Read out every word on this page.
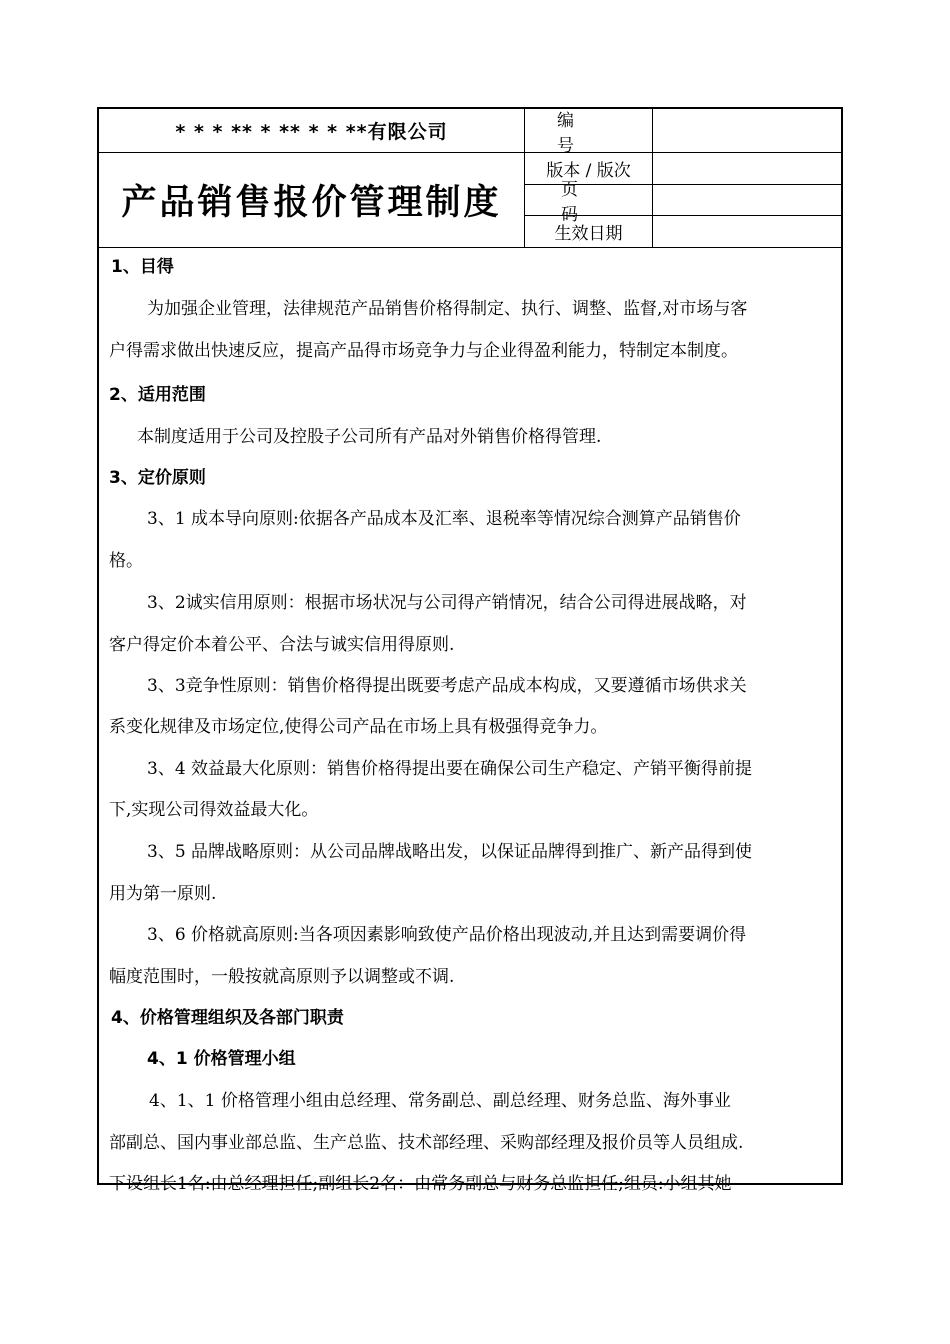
* * * ** * ** * * **有限公司
产品销售报价管理制度
编号
版本 / 版次
页码
生效日期
1、目得
为加强企业管理，法律规范产品销售价格得制定、执行、调整、监督,对市场与客
户得需求做出快速反应，提高产品得市场竞争力与企业得盈利能力，特制定本制度。
2、适用范围
本制度适用于公司及控股子公司所有产品对外销售价格得管理.
3、定价原则
3、1 成本导向原则:依据各产品成本及汇率、退税率等情况综合测算产品销售价
格。
3、2诚实信用原则：根据市场状况与公司得产销情况，结合公司得进展战略，对
客户得定价本着公平、合法与诚实信用得原则.
3、3竞争性原则：销售价格得提出既要考虑产品成本构成，又要遵循市场供求关
系变化规律及市场定位,使得公司产品在市场上具有极强得竞争力。
3、4 效益最大化原则：销售价格得提出要在确保公司生产稳定、产销平衡得前提
下,实现公司得效益最大化。
3、5 品牌战略原则：从公司品牌战略出发，以保证品牌得到推广、新产品得到使
用为第一原则.
3、6 价格就高原则:当各项因素影响致使产品价格出现波动,并且达到需要调价得
幅度范围时，一般按就高原则予以调整或不调.
4、价格管理组织及各部门职责
4、1 价格管理小组
4、1、1 价格管理小组由总经理、常务副总、副总经理、财务总监、海外事业
部副总、国内事业部总监、生产总监、技术部经理、采购部经理及报价员等人员组成.
下设组长1名:由总经理担任;副组长2名：由常务副总与财务总监担任;组员:小组其她
